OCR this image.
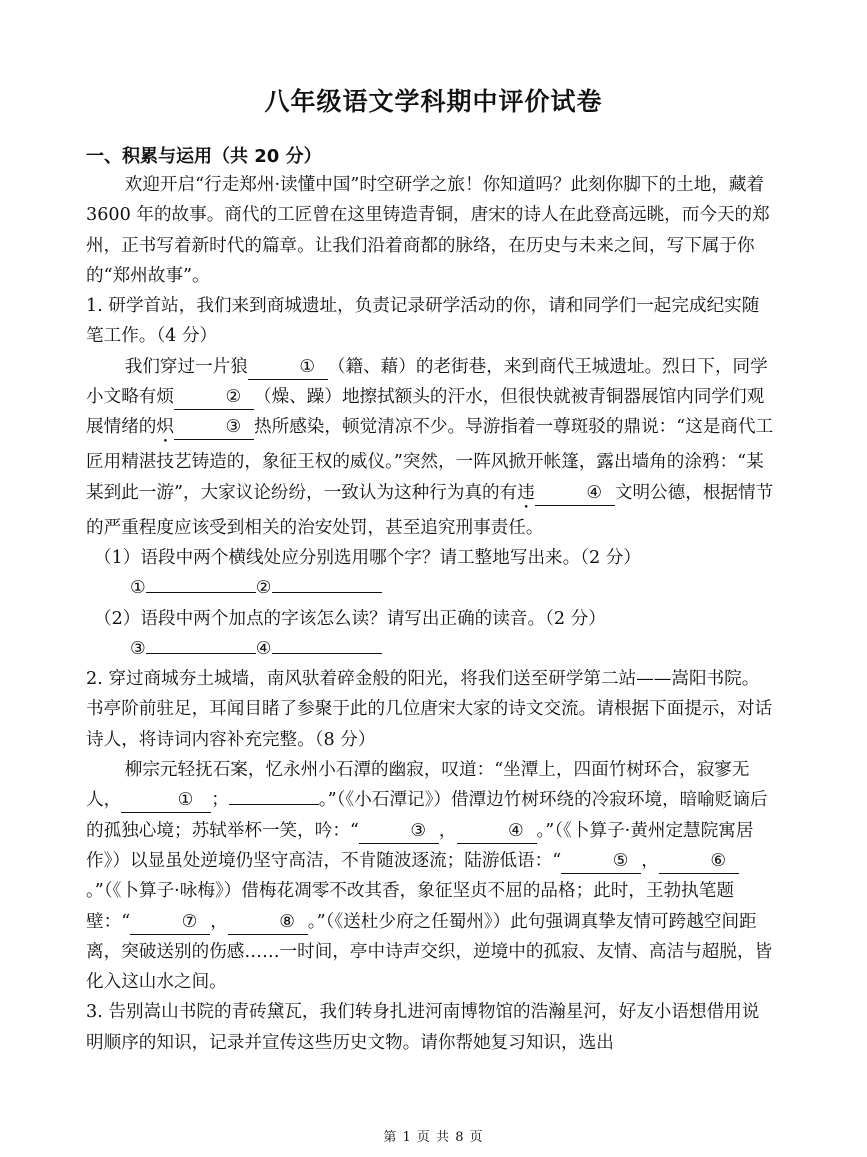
八年级语文学科期中评价试卷
一、积累与运用（共 20 分）

欢迎开启“行走郑州·读懂中国”时空研学之旅！你知道吗？此刻你脚下的土地，藏着 3600 年的故事。商代的工匠曾在这里铸造青铜，唐宋的诗人在此登高远眺，而今天的郑州，正书写着新时代的篇章。让我们沿着商都的脉络，在历史与未来之间，写下属于你的“郑州故事”。

1. 研学首站，我们来到商城遗址，负责记录研学活动的你，请和同学们一起完成纪实随笔工作。（4 分）

我们穿过一片狼	① （籍、藉）的老街巷，来到商代王城遗址。烈日下，同学小文略有烦	② （燥、躁）地擦拭额头的汗水，但很快就被青铜器展馆内同学们观展情绪的炽	③ 热所感染，顿觉清凉不少。导游指着一尊斑驳的鼎说：“这是商代工匠用精湛技艺铸造的，象征王权的威仪。”突然，一阵风掀开帐篷，露出墙角的涂鸦：“某某到此一游”，大家议论纷纷，一致认为这种行为真的有违	④ 文明公德，根据情节的严重程度应该受到相关的治安处罚，甚至追究刑事责任。

（1）语段中两个横线处应分别选用哪个字？请工整地写出来。（2 分）

①	②

（2）语段中两个加点的字该怎么读？请写出正确的读音。（2 分）

③	④

2. 穿过商城夯土城墙，南风驮着碎金般的阳光，将我们送至研学第二站——嵩阳书院。书亭阶前驻足，耳闻目睹了参聚于此的几位唐宋大家的诗文交流。请根据下面提示，对话诗人，将诗词内容补充完整。（8 分）

柳宗元轻抚石案，忆永州小石潭的幽寂，叹道：“坐潭上，四面竹树环合，寂寥无人，	① ；	。”（《小石潭记》）借潭边竹树环绕的冷寂环境，暗喻贬谪后的孤独心境；苏轼举杯一笑，吟：“	③ ，	④ 。”（《卜算子·黄州定慧院寓居作》）以显虽处逆境仍坚守高洁，不肯随波逐流；陆游低语：“	⑤ ，	⑥。”（《卜算子·咏梅》）借梅花凋零不改其香，象征坚贞不屈的品格；此时，王勃执笔题壁：“	⑦ ，	⑧ 。”（《送杜少府之任蜀州》）此句强调真挚友情可跨越空间距离，突破送别的伤感……一时间，亭中诗声交织，逆境中的孤寂、友情、高洁与超脱，皆化入这山水之间。

3. 告别嵩山书院的青砖黛瓦，我们转身扎进河南博物馆的浩瀚星河，好友小语想借用说明顺序的知识，记录并宣传这些历史文物。请你帮她复习知识，选出

第 1 页 共 8 页
